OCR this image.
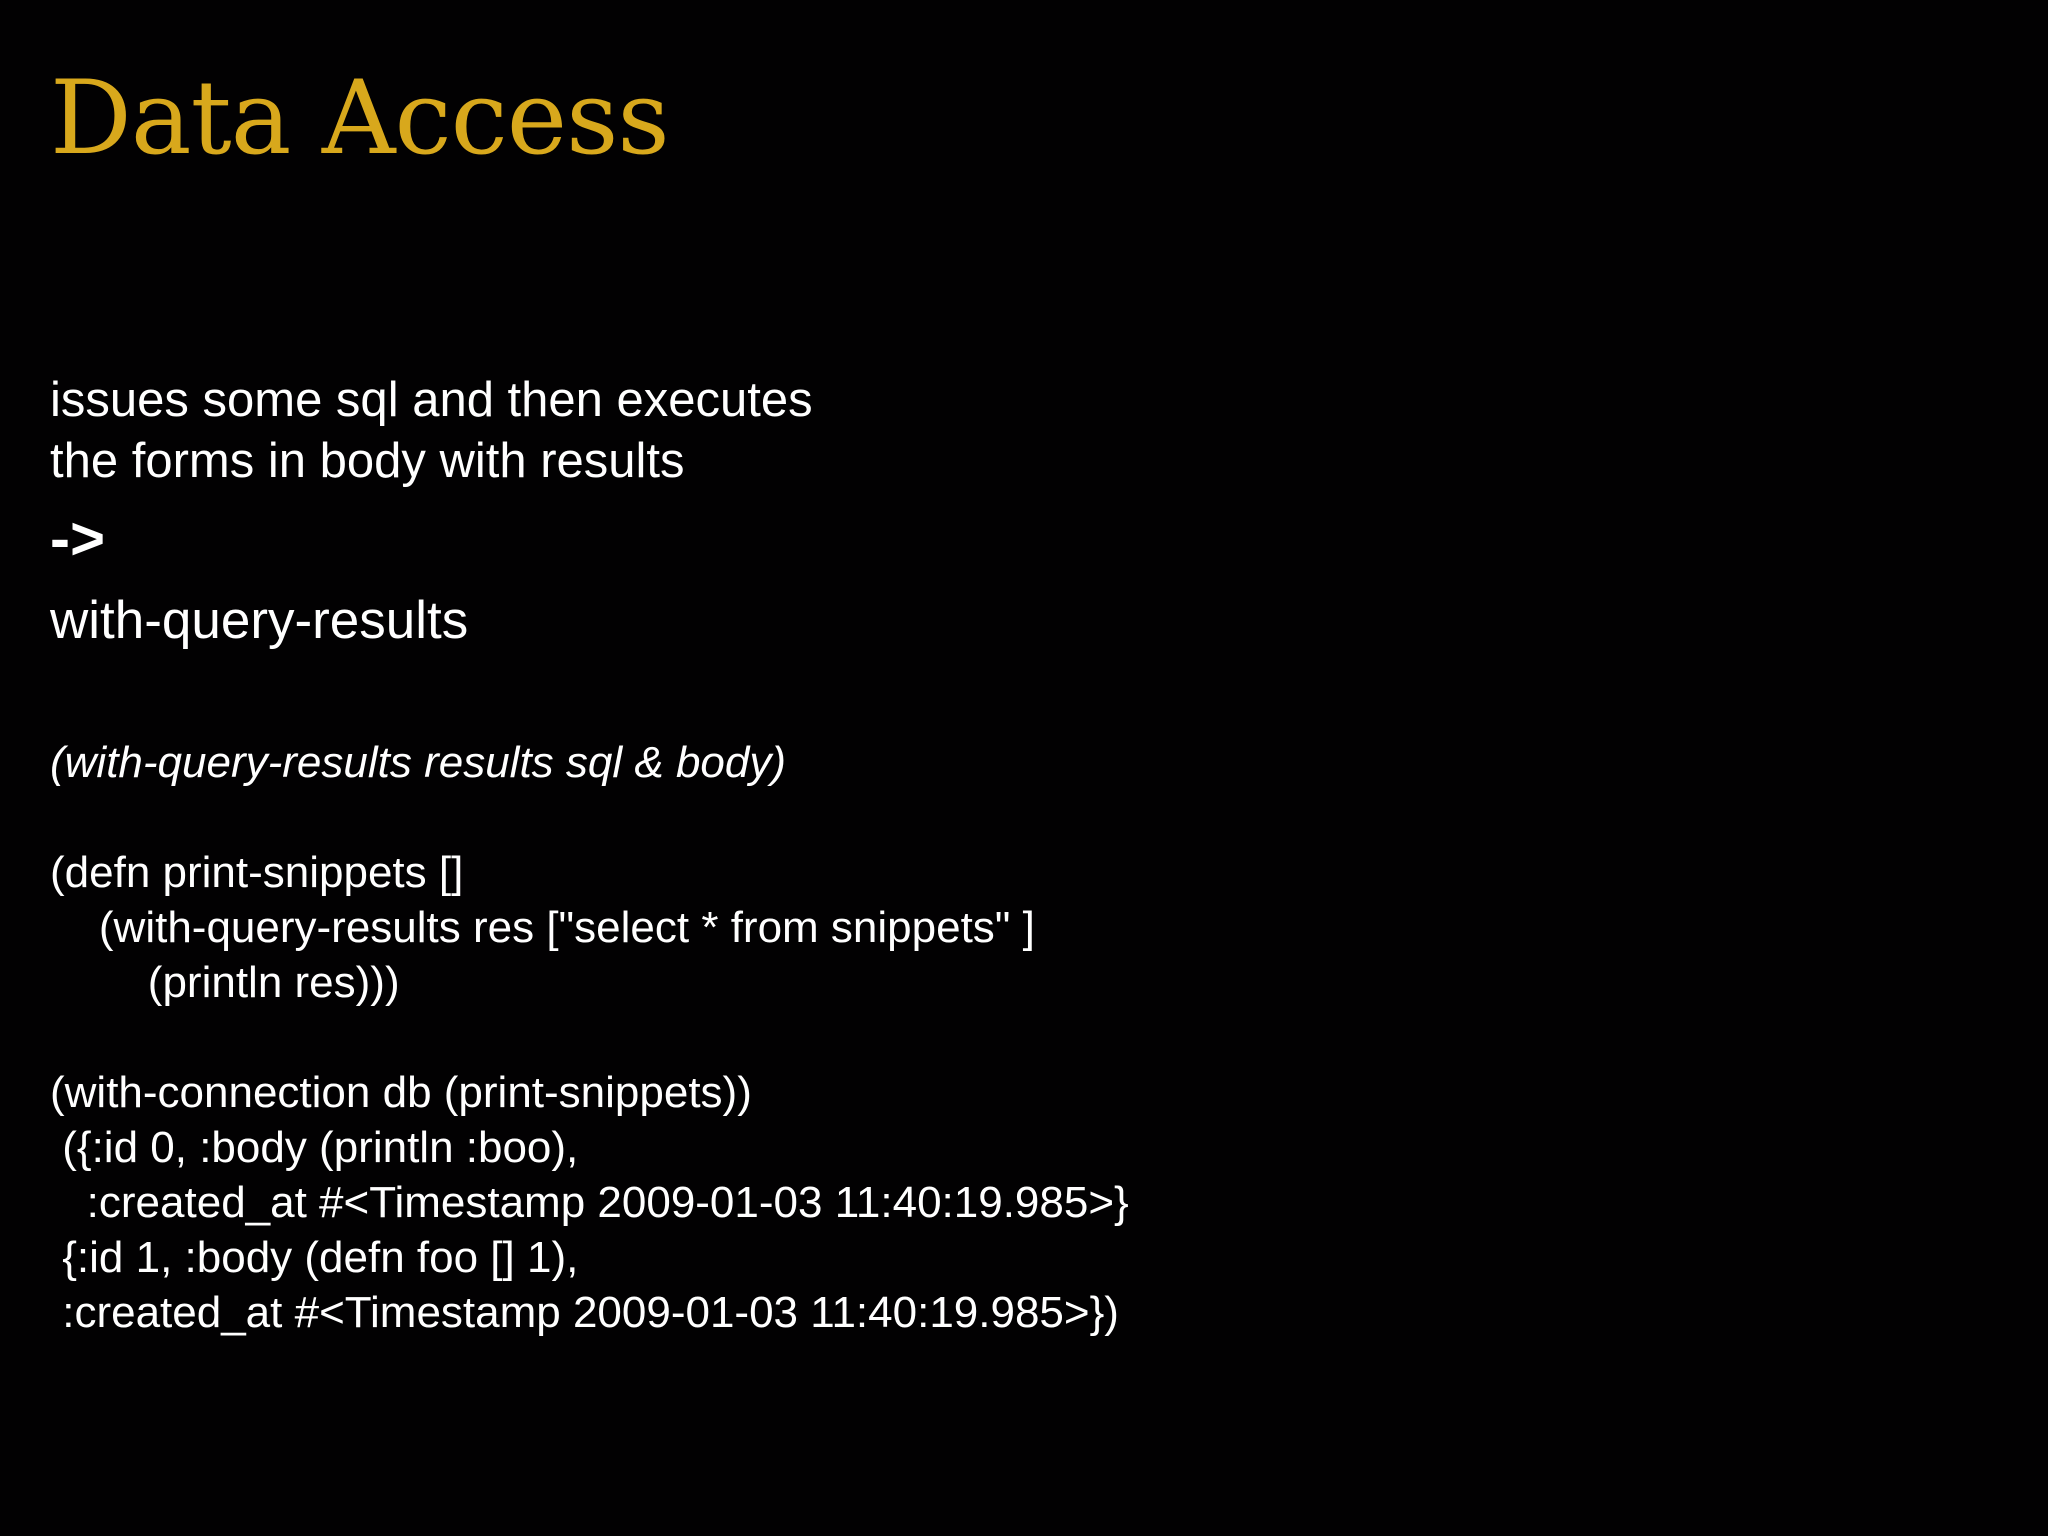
Data Access

issues some sql and then executes

the forms in body with results

->

with-query-results

(with-query-results results sql & body)

(defn print-snippets []

(with-query-results res ["select * from snippets" ]

(println res)))

(with-connection db (print-snippets))

({:id 0, :body (println :boo),

:created_at #<Timestamp 2009-01-03 11:40:19.985>}

{:id 1, :body (defn foo [] 1),

:created_at #<Timestamp 2009-01-03 11:40:19.985>})
